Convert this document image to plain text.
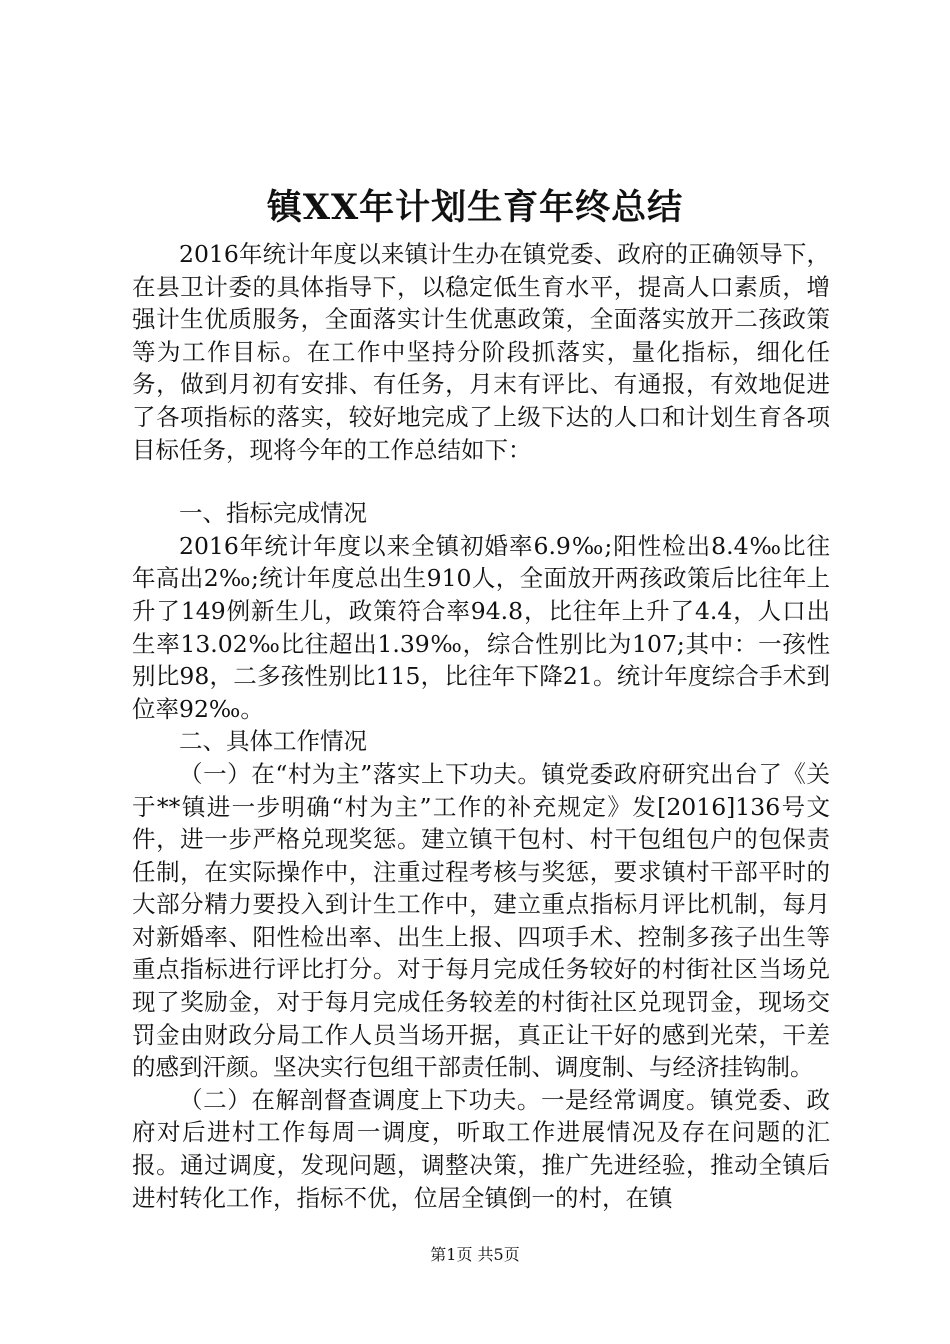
镇XX年计划生育年终总结

2016年统计年度以来镇计生办在镇党委、政府的正确领导下，在县卫计委的具体指导下，以稳定低生育水平，提高人口素质，增强计生优质服务，全面落实计生优惠政策，全面落实放开二孩政策等为工作目标。在工作中坚持分阶段抓落实，量化指标，细化任务，做到月初有安排、有任务，月末有评比、有通报，有效地促进了各项指标的落实，较好地完成了上级下达的人口和计划生育各项目标任务，现将今年的工作总结如下：

一、指标完成情况

2016年统计年度以来全镇初婚率6.9‰;阳性检出8.4‰比往年高出2‰;统计年度总出生910人，全面放开两孩政策后比往年上升了149例新生儿，政策符合率94.8，比往年上升了4.4，人口出生率13.02‰比往超出1.39‰，综合性别比为107;其中：一孩性别比98，二多孩性别比115，比往年下降21。统计年度综合手术到位率92‰。

二、具体工作情况

（一）在“村为主”落实上下功夫。镇党委政府研究出台了《关于**镇进一步明确“村为主”工作的补充规定》发[2016]136号文件，进一步严格兑现奖惩。建立镇干包村、村干包组包户的包保责任制，在实际操作中，注重过程考核与奖惩，要求镇村干部平时的大部分精力要投入到计生工作中，建立重点指标月评比机制，每月对新婚率、阳性检出率、出生上报、四项手术、控制多孩子出生等重点指标进行评比打分。对于每月完成任务较好的村街社区当场兑现了奖励金，对于每月完成任务较差的村街社区兑现罚金，现场交罚金由财政分局工作人员当场开据，真正让干好的感到光荣，干差的感到汗颜。坚决实行包组干部责任制、调度制、与经济挂钩制。

（二）在解剖督查调度上下功夫。一是经常调度。镇党委、政府对后进村工作每周一调度，听取工作进展情况及存在问题的汇报。通过调度，发现问题，调整决策，推广先进经验，推动全镇后进村转化工作，指标不优，位居全镇倒一的村，在镇

第1页 共5页
